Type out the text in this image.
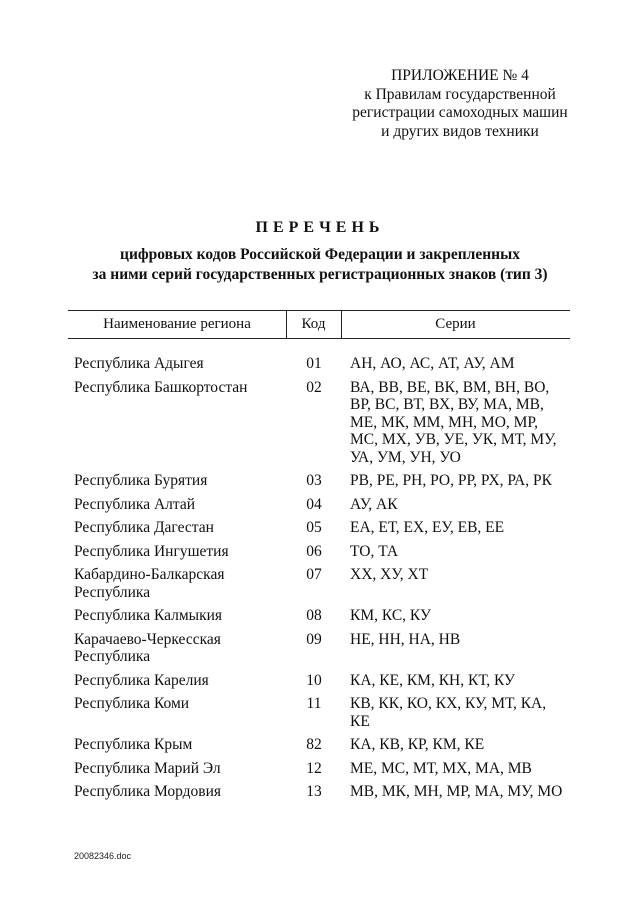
ПРИЛОЖЕНИЕ № 4
к Правилам государственной
регистрации самоходных машин
и других видов техники
ПЕРЕЧЕНЬ
цифровых кодов Российской Федерации и закрепленных
за ними серий государственных регистрационных знаков (тип 3)
Наименование региона	Код	Серии
Республика Адыгея	01	АН, АО, АС, АТ, АУ, АМ
Республика Башкортостан	02	ВА, ВВ, ВЕ, ВК, ВМ, ВН, ВО,
ВР, ВС, ВТ, ВХ, ВУ, МА, МВ,
МЕ, МК, ММ, МН, МО, МР,
МС, МХ, УВ, УЕ, УК, МТ, МУ,
УА, УМ, УН, УО
Республика Бурятия	03	РВ, РЕ, РН, РО, РР, РХ, РА, РК
Республика Алтай	04	АУ, АК
Республика Дагестан	05	ЕА, ЕТ, ЕХ, ЕУ, ЕВ, ЕЕ
Республика Ингушетия	06	ТО, ТА
Кабардино-Балкарская
Республика
07	ХХ, ХУ, ХТ
Республика Калмыкия	08	КМ, КС, КУ
Карачаево-Черкесская
Республика
09	НЕ, НН, НА, НВ
Республика Карелия	10	КА, КЕ, КМ, КН, КТ, КУ
Республика Коми	11	КВ, КК, КО, КХ, КУ, МТ, КА,
КЕ
Республика Крым	82	КА, КВ, КР, КМ, КЕ
Республика Марий Эл	12	МЕ, МС, МТ, МХ, МА, МВ
Республика Мордовия	13	МВ, МК, МН, МР, МА, МУ, МО
20082346.doc
